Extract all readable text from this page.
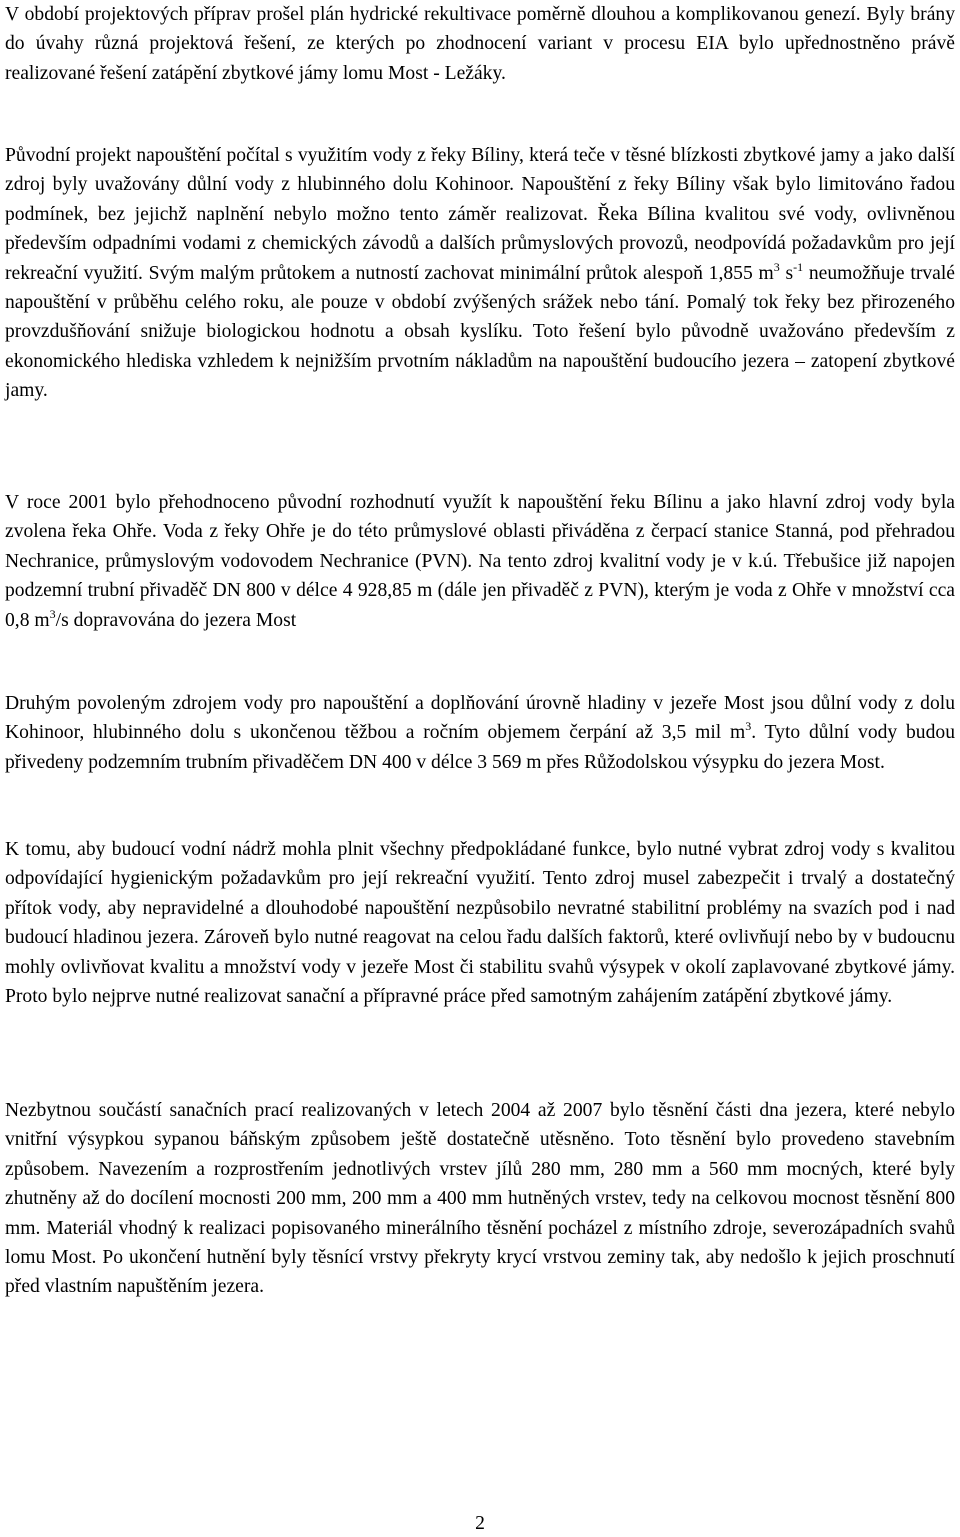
V období projektových příprav prošel plán hydrické rekultivace poměrně dlouhou a komplikovanou genezí. Byly brány do úvahy různá projektová řešení, ze kterých po zhodnocení variant v procesu EIA bylo upřednostněno právě realizované řešení zatápění zbytkové jámy lomu Most - Ležáky.

Původní projekt napouštění počítal s využitím vody z řeky Bíliny, která teče v těsné blízkosti zbytkové jamy a jako další zdroj byly uvažovány důlní vody z hlubinného dolu Kohinoor. Napouštění z řeky Bíliny však bylo limitováno řadou podmínek, bez jejichž naplnění nebylo možno tento záměr realizovat. Řeka Bílina kvalitou své vody, ovlivněnou především odpadními vodami z chemických závodů a dalších průmyslových provozů, neodpovídá požadavkům pro její rekreační využití. Svým malým průtokem a nutností zachovat minimální průtok alespoň 1,855 $m^3$ $s^{-1}$ neumožňuje trvalé napouštění v průběhu celého roku, ale pouze v období zvýšených srážek nebo tání. Pomalý tok řeky bez přirozeného provzdušňování snižuje biologickou hodnotu a obsah kyslíku. Toto řešení bylo původně uvažováno především z ekonomického hlediska vzhledem k nejnižším prvotním nákladům na napouštění budoucího jezera – zatopení zbytkové jamy.

V roce 2001 bylo přehodnoceno původní rozhodnutí využít k napouštění řeku Bílinu a jako hlavní zdroj vody byla zvolena řeka Ohře. Voda z řeky Ohře je do této průmyslové oblasti přiváděna z čerpací stanice Stanná, pod přehradou Nechranice, průmyslovým vodovodem Nechranice (PVN). Na tento zdroj kvalitní vody je v k.ú. Třebušice již napojen podzemní trubní přivaděč DN 800 v délce 4 928,85 m (dále jen přivaděč z PVN), kterým je voda z Ohře v množství cca 0,8 $m^3/s$ dopravována do jezera Most

Druhým povoleným zdrojem vody pro napouštění a doplňování úrovně hladiny v jezeře Most jsou důlní vody z dolu Kohinoor, hlubinného dolu s ukončenou těžbou a ročním objemem čerpání až 3,5 mil $m^3$. Tyto důlní vody budou přivedeny podzemním trubním přivaděčem DN 400 v délce 3 569 m přes Růžodolskou výsypku do jezera Most.

K tomu, aby budoucí vodní nádrž mohla plnit všechny předpokládané funkce, bylo nutné vybrat zdroj vody s kvalitou odpovídající hygienickým požadavkům pro její rekreační využití. Tento zdroj musel zabezpečit i trvalý a dostatečný přítok vody, aby nepravidelné a dlouhodobé napouštění nezpůsobilo nevratné stabilitní problémy na svazích pod i nad budoucí hladinou jezera. Zároveň bylo nutné reagovat na celou řadu dalších faktorů, které ovlivňují nebo by v budoucnu mohly ovlivňovat kvalitu a množství vody v jezeře Most či stabilitu svahů výsypek v okolí zaplavované zbytkové jámy. Proto bylo nejprve nutné realizovat sanační a přípravné práce před samotným zahájením zatápění zbytkové jámy.

Nezbytnou součástí sanačních prací realizovaných v letech 2004 až 2007 bylo těsnění části dna jezera, které nebylo vnitřní výsypkou sypanou báňským způsobem ještě dostatečně utěsněno. Toto těsnění bylo provedeno stavebním způsobem. Navezením a rozprostřením jednotlivých vrstev jílů 280 mm, 280 mm a 560 mm mocných, které byly zhutněny až do docílení mocnosti 200 mm, 200 mm a 400 mm hutněných vrstev, tedy na celkovou mocnost těsnění 800 mm. Materiál vhodný k realizaci popisovaného minerálního těsnění pocházel z místního zdroje, severozápadních svahů lomu Most. Po ukončení hutnění byly těsnící vrstvy překryty krycí vrstvou zeminy tak, aby nedošlo k jejich proschnutí před vlastním napuštěním jezera.

2
